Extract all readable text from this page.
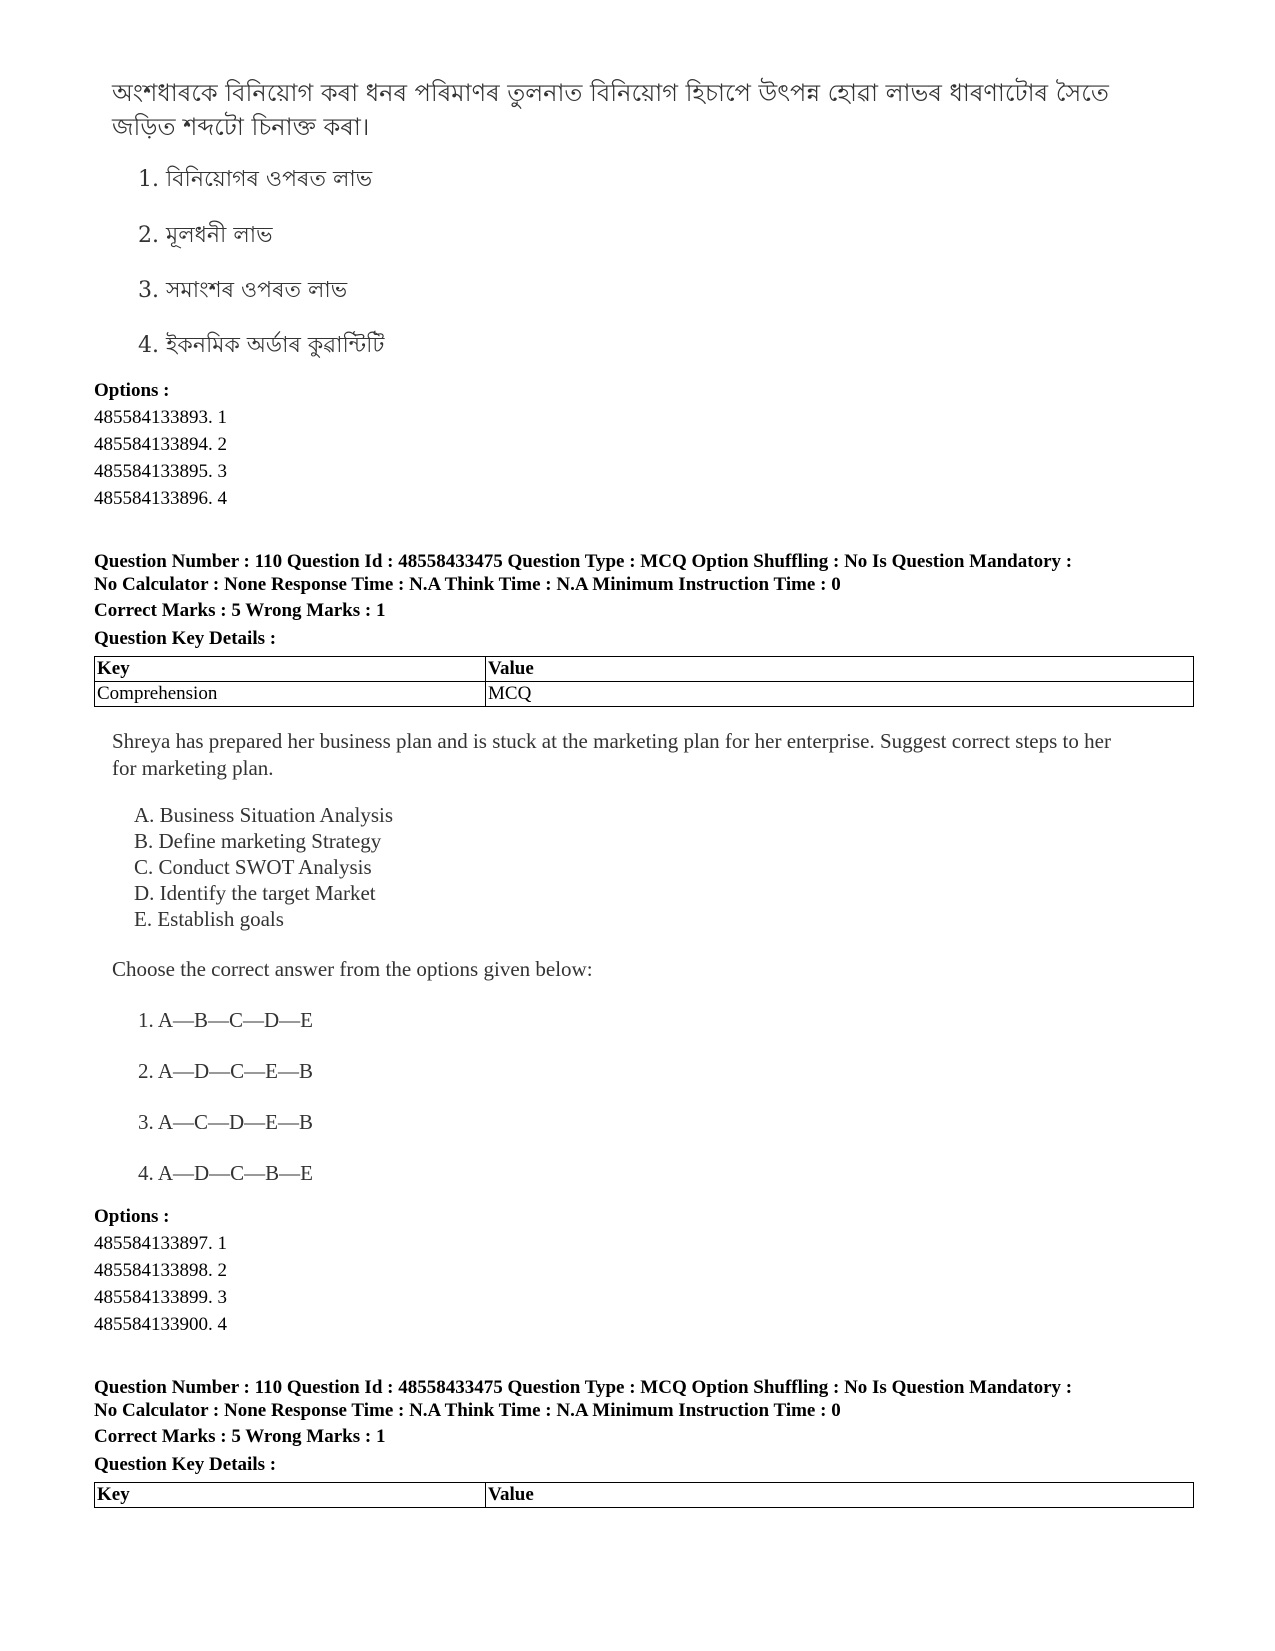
অংশধাৰকে বিনিয়োগ কৰা ধনৰ পৰিমাণৰ তুলনাত বিনিয়োগ হিচাপে উৎপন্ন হোৱা লাভৰ ধাৰণাটোৰ সৈতে জড়িত শব্দটো চিনাক্ত কৰা।
1. বিনিয়োগৰ ওপৰত লাভ
2. মূলধনী লাভ
3. সমাংশৰ ওপৰত লাভ
4. ইকনমিক অৰ্ডাৰ কুৱান্টিটি
Options :
485584133893. 1
485584133894. 2
485584133895. 3
485584133896. 4
Question Number : 110 Question Id : 48558433475 Question Type : MCQ Option Shuffling : No Is Question Mandatory :
No Calculator : None Response Time : N.A Think Time : N.A Minimum Instruction Time : 0
Correct Marks : 5 Wrong Marks : 1
Question Key Details :
Key	Value
Comprehension	MCQ
Shreya has prepared her business plan and is stuck at the marketing plan for her enterprise. Suggest correct steps to her for marketing plan.
A. Business Situation Analysis
B. Define marketing Strategy
C. Conduct SWOT Analysis
D. Identify the target Market
E. Establish goals
Choose the correct answer from the options given below:
1. A—B—C—D—E
2. A—D—C—E—B
3. A—C—D—E—B
4. A—D—C—B—E
Options :
485584133897. 1
485584133898. 2
485584133899. 3
485584133900. 4
Question Number : 110 Question Id : 48558433475 Question Type : MCQ Option Shuffling : No Is Question Mandatory :
No Calculator : None Response Time : N.A Think Time : N.A Minimum Instruction Time : 0
Correct Marks : 5 Wrong Marks : 1
Question Key Details :
Key	Value
